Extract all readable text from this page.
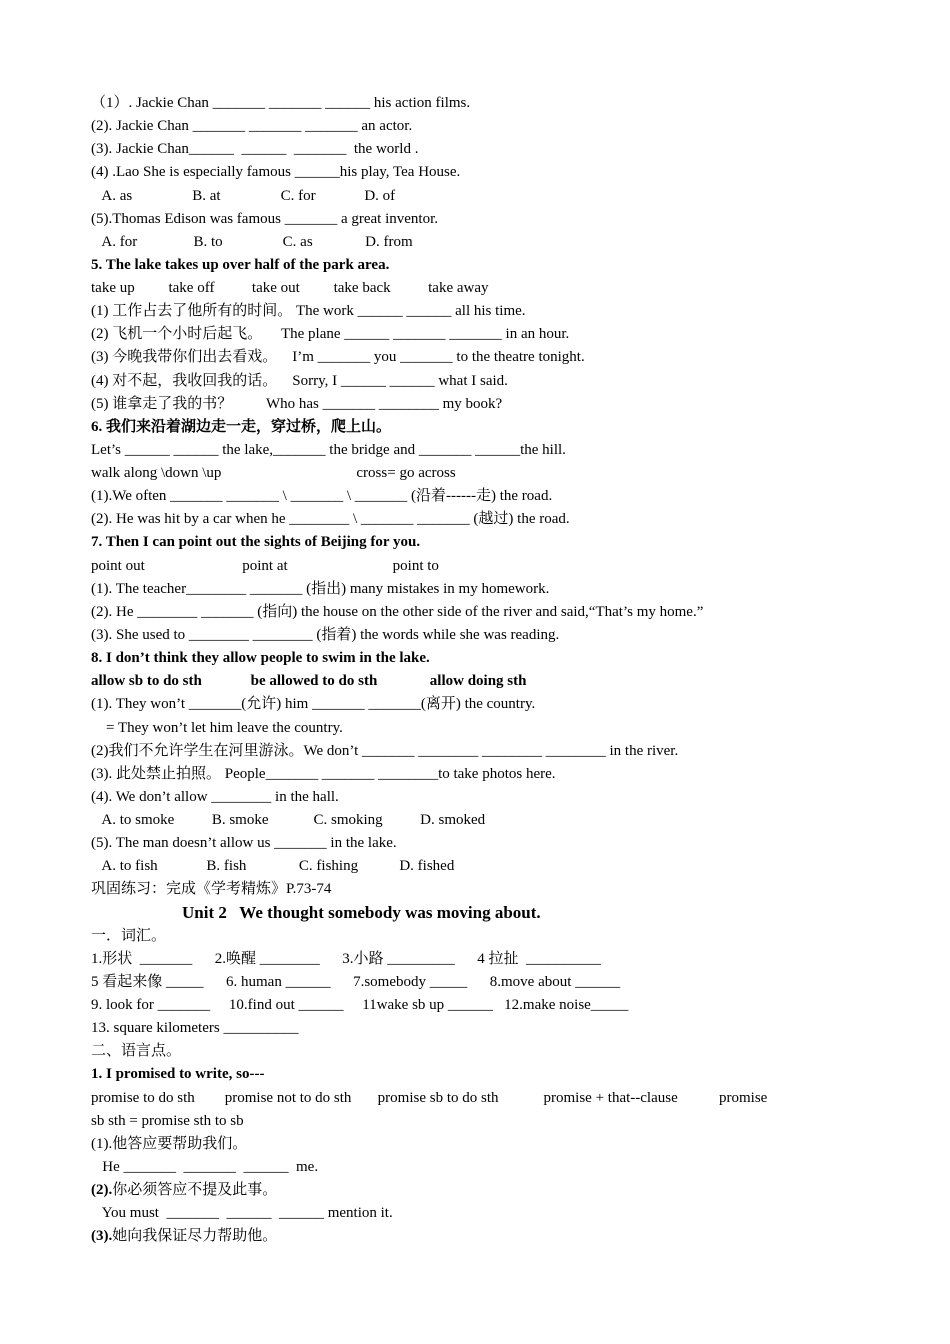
（1）. Jackie Chan _______ _______ ______ his action films.
(2). Jackie Chan _______ _______ _______ an actor.
(3). Jackie Chan______  ______  _______  the world .
(4) .Lao She is especially famous ______his play, Tea House.
A. as                B. at                C. for             D. of
(5).Thomas Edison was famous _______ a great inventor.
A. for               B. to                C. as              D. from
5. The lake takes up over half of the park area.
take up         take off          take out         take back          take away
(1) 工作占去了他所有的时间。 The work ______ ______ all his time.
(2) 飞机一个小时后起飞。     The plane ______ _______ _______ in an hour.
(3) 今晚我带你们出去看戏。    I’m _______ you _______ to the theatre tonight.
(4) 对不起，我收回我的话。    Sorry, I ______ ______ what I said.
(5) 谁拿走了我的书？         Who has _______ ________ my book?
6. 我们来沿着湖边走一走，穿过桥，爬上山。
Let’s ______ ______ the lake,_______ the bridge and _______ ______the hill.
walk along \down \up                                    cross= go across
(1).We often _______ _______ \ _______ \ _______ (沿着------走) the road.
(2). He was hit by a car when he ________ \ _______ _______ (越过) the road.
7. Then I can point out the sights of Beijing for you.
point out                          point at                            point to
(1). The teacher________ _______ (指出) many mistakes in my homework.
(2). He ________ _______ (指向) the house on the other side of the river and said,“That’s my home.”
(3). She used to ________ ________ (指着) the words while she was reading.
8. I don’t think they allow people to swim in the lake.
allow sb to do sth             be allowed to do sth              allow doing sth
(1). They won’t _______(允许) him _______ _______(离开) the country.
= They won’t let him leave the country.
(2)我们不允许学生在河里游泳。We don’t _______ ________ ________ ________ in the river.
(3). 此处禁止拍照。 People_______ _______ ________to take photos here.
(4). We don’t allow ________ in the hall.
A. to smoke          B. smoke            C. smoking          D. smoked
(5). The man doesn’t allow us _______ in the lake.
A. to fish             B. fish              C. fishing           D. fished
巩固练习：完成《学考精炼》P.73-74
Unit 2   We thought somebody was moving about.
一．词汇。
1.形状  _______      2.唤醒 ________      3.小路 _________      4 拉扯  __________
5 看起来像 _____      6. human ______      7.somebody _____      8.move about ______
9. look for _______     10.find out ______     11wake sb up ______   12.make noise_____
13. square kilometers __________
二、语言点。
1. I promised to write, so---
promise to do sth        promise not to do sth       promise sb to do sth            promise + that--clause           promise
sb sth = promise sth to sb
(1).他答应要帮助我们。
He _______  _______  ______  me.
(2).你必须答应不提及此事。
You must  _______  ______  ______ mention it.
(3).她向我保证尽力帮助他。
